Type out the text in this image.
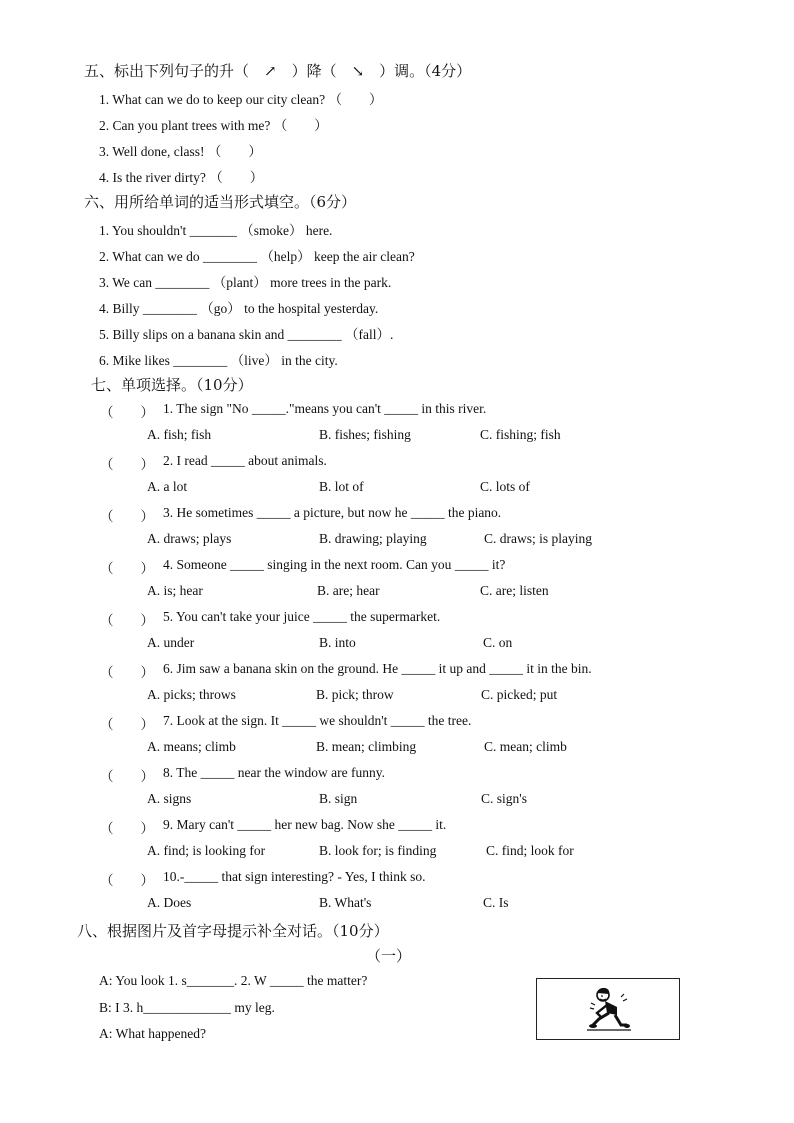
五、标出下列句子的升（　↗　）降（　↘　）调。（4分）
1. What can we do to keep our city clean? （　　）
2. Can you plant trees with me? （　　）
3. Well done, class! （　　）
4. Is the river dirty? （　　）
六、用所给单词的适当形式填空。（6分）
1. You shouldn't _______ （smoke） here.
2. What can we do ________ （help） keep the air clean?
3. We can ________ （plant） more trees in the park.
4. Billy ________ （go） to the hospital yesterday.
5. Billy slips on a banana skin and ________ （fall）.
6. Mike likes ________ （live） in the city.
七、单项选择。（10分）
（　　） 1. The sign "No _____."means you can't _____ in this river.
A. fish; fish	B. fishes; fishing	C. fishing; fish
（　　） 2. I read _____ about animals.
A. a lot	B. lot of	C. lots of
（　　） 3. He sometimes _____ a picture, but now he _____ the piano.
A. draws; plays	B. drawing; playing	C. draws; is playing
（　　） 4. Someone _____ singing in the next room. Can you _____ it?
A. is; hear	B. are; hear	C. are; listen
（　　） 5. You can't take your juice _____ the supermarket.
A. under	B. into	C. on
（　　） 6. Jim saw a banana skin on the ground. He _____ it up and _____ it in the bin.
A. picks; throws	B. pick; throw	C. picked; put
（　　） 7. Look at the sign. It _____ we shouldn't _____ the tree.
A. means; climb	B. mean; climbing	C. mean; climb
（　　） 8. The _____ near the window are funny.
A. signs	B. sign	C. sign's
（　　） 9. Mary can't _____ her new bag. Now she _____ it.
A. find; is looking for	B. look for; is finding	C. find; look for
（　　） 10.-_____ that sign interesting? - Yes, I think so.
A. Does	B. What's	C. Is
八、根据图片及首字母提示补全对话。（10分）
（一）
A: You look 1. s_______. 2. W _____ the matter?
B: I 3. h_____________ my leg.
A: What happened?
